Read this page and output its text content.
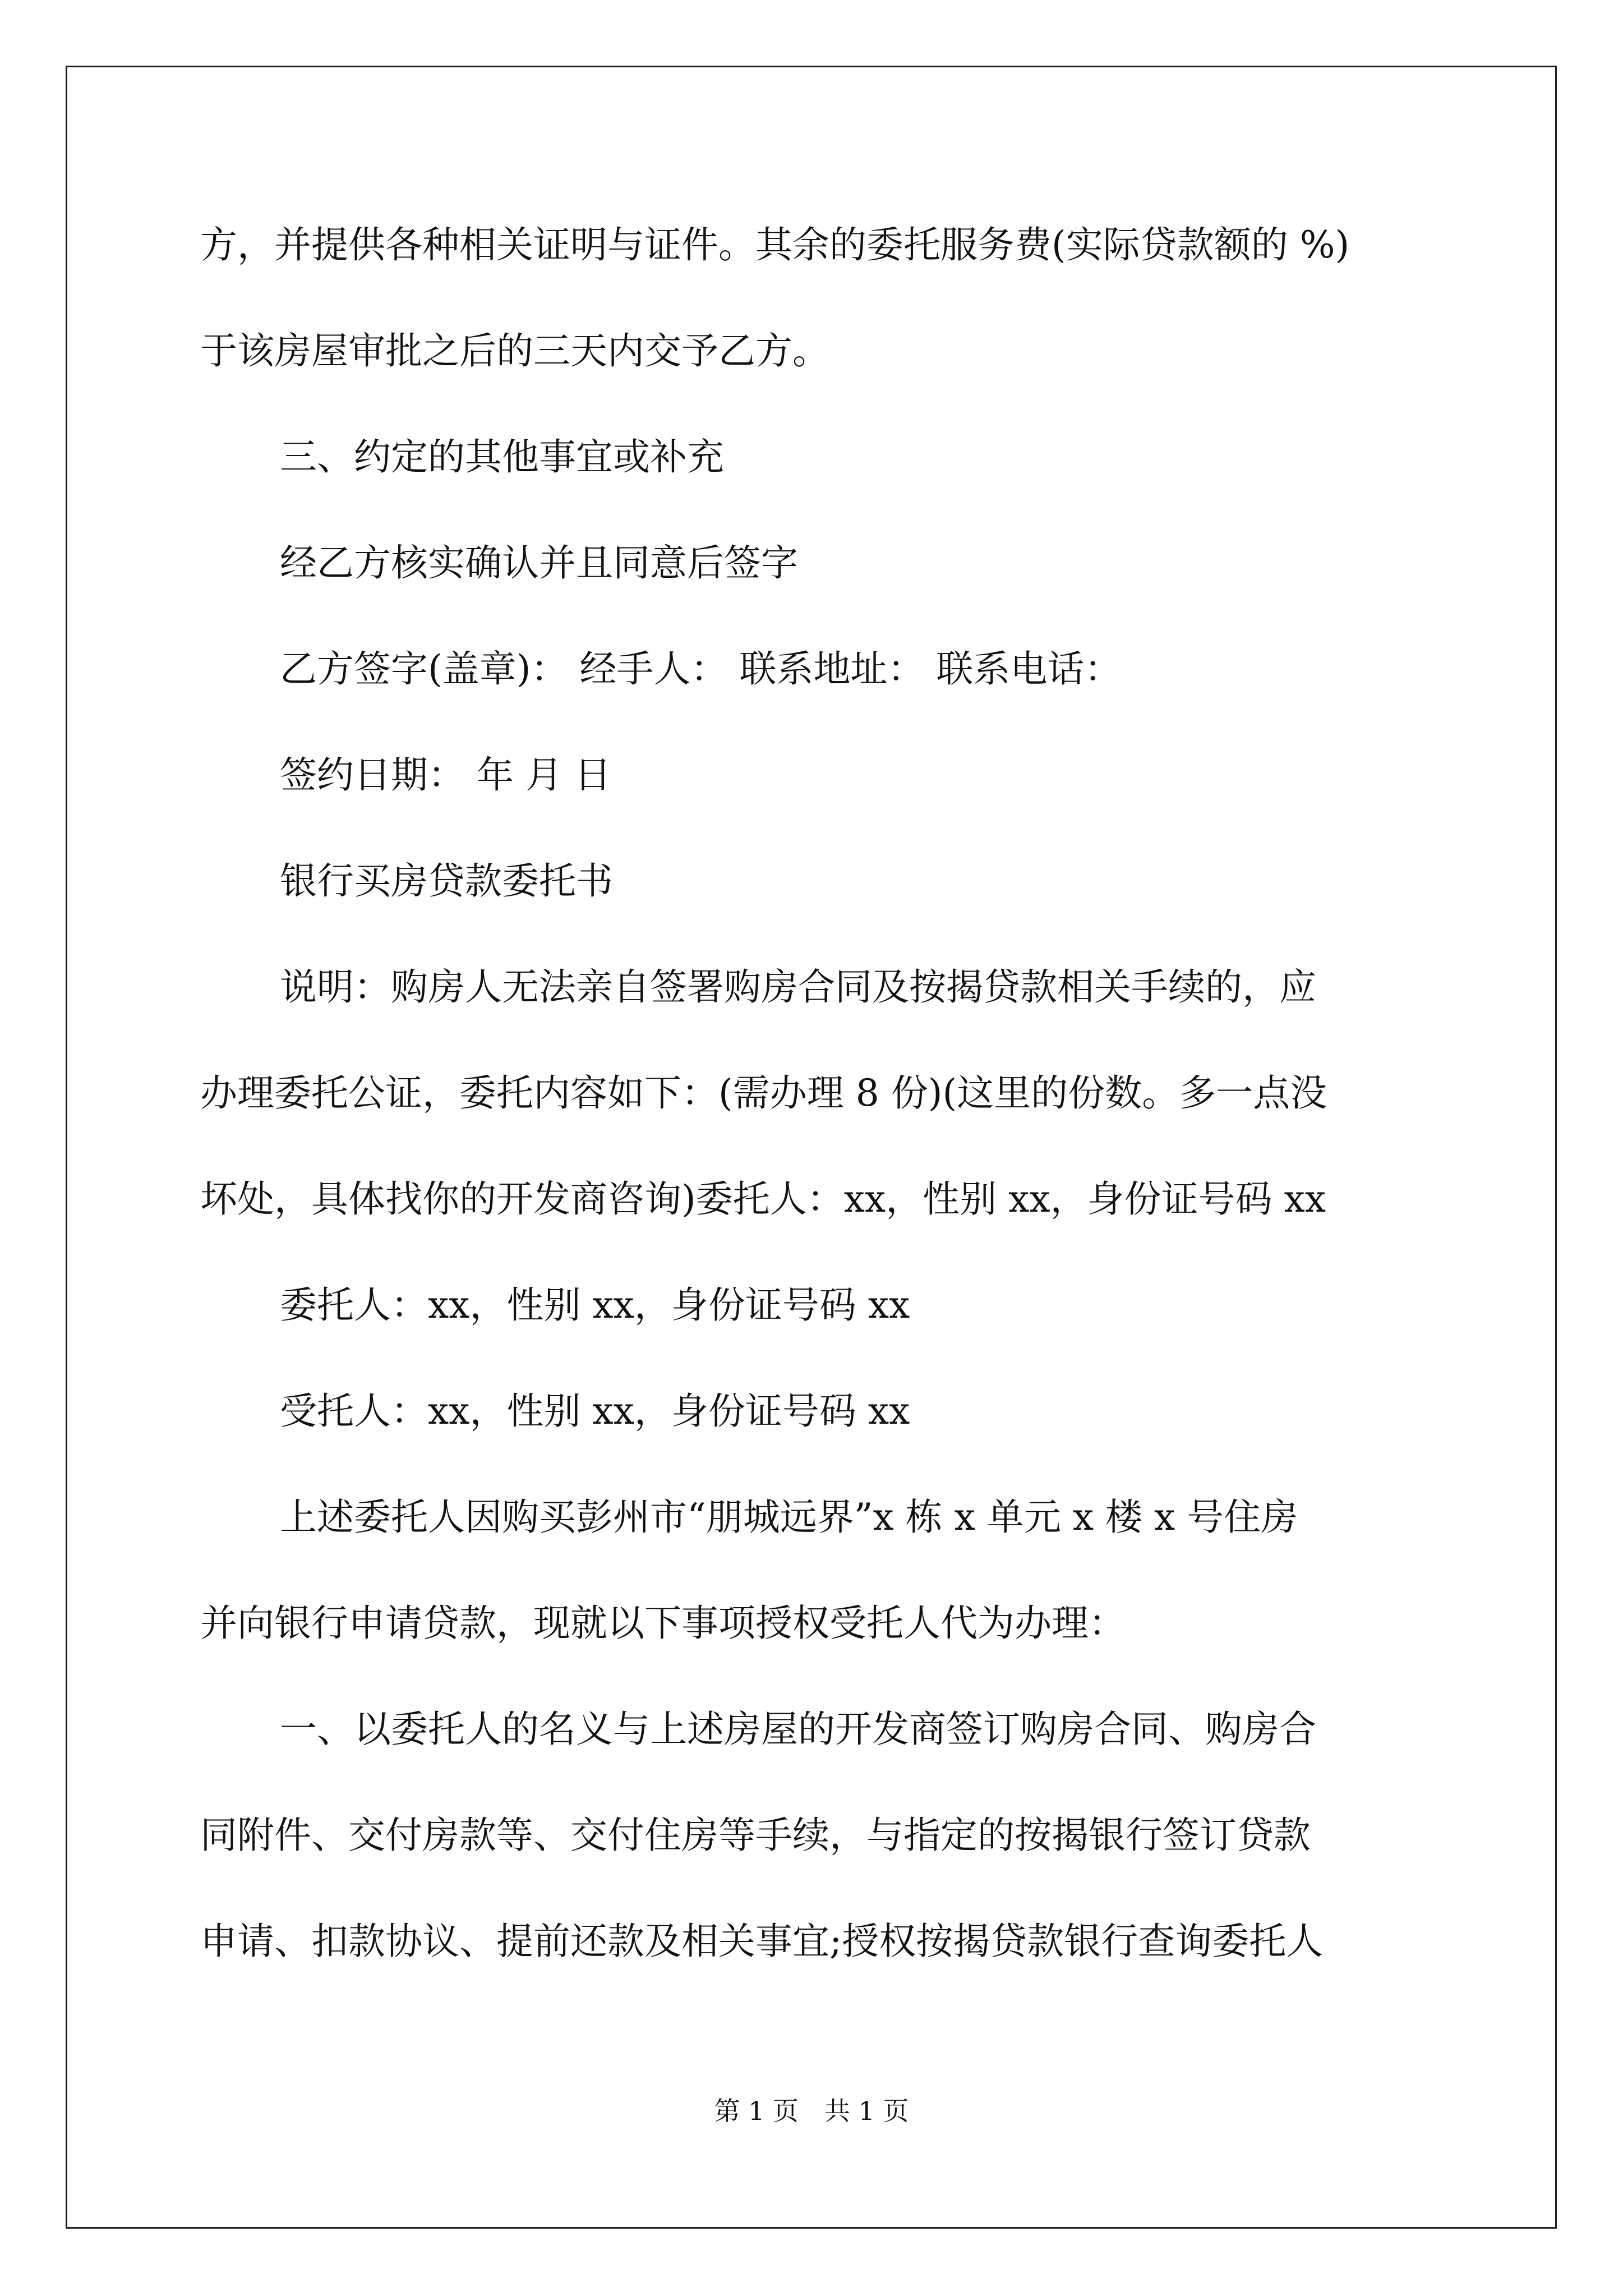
方，并提供各种相关证明与证件。其余的委托服务费(实际贷款额的 %)
于该房屋审批之后的三天内交予乙方。
三、约定的其他事宜或补充
经乙方核实确认并且同意后签字
乙方签字(盖章)： 经手人： 联系地址： 联系电话：
签约日期： 年 月 日
银行买房贷款委托书
说明：购房人无法亲自签署购房合同及按揭贷款相关手续的，应
办理委托公证，委托内容如下：(需办理 8 份)(这里的份数。多一点没
坏处，具体找你的开发商咨询)委托人：xx，性别 xx，身份证号码 xx
委托人：xx，性别 xx，身份证号码 xx
受托人：xx，性别 xx，身份证号码 xx
上述委托人因购买彭州市“朋城远界”x 栋 x 单元 x 楼 x 号住房
并向银行申请贷款，现就以下事项授权受托人代为办理：
一、以委托人的名义与上述房屋的开发商签订购房合同、购房合
同附件、交付房款等、交付住房等手续，与指定的按揭银行签订贷款
申请、扣款协议、提前还款及相关事宜;授权按揭贷款银行查询委托人
第 1 页　共 1 页
